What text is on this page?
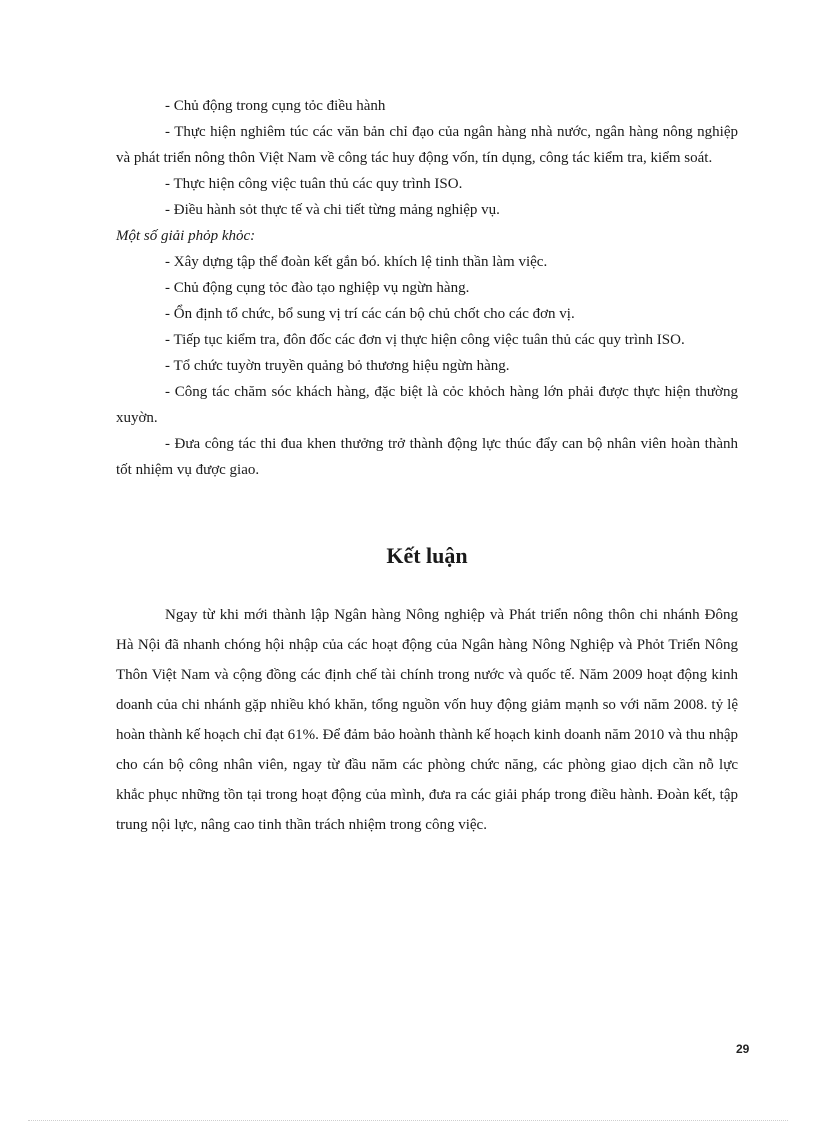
- Chủ động trong cụng tỏc điều hành

- Thực hiện nghiêm túc các văn bản chỉ đạo của ngân hàng nhà nước, ngân hàng nông nghiệp và phát triển nông thôn Việt Nam về công tác huy động vốn, tín dụng, công tác kiểm tra, kiểm soát.

- Thực hiện công việc tuân thủ các quy trình ISO.

- Điều hành sỏt thực tế và chi tiết từng mảng nghiệp vụ.

Một số giải phỏp khỏc:

- Xây dựng tập thể đoàn kết gắn bó. khích lệ tinh thần làm việc.

- Chủ động cụng tỏc đào tạo nghiệp vụ ngừn hàng.

- Ổn định tổ chức, bổ sung vị trí các cán bộ chủ chốt cho các đơn vị.

- Tiếp tục kiểm tra, đôn đốc các đơn vị thực hiện công việc tuân thủ các quy trình ISO.

- Tổ chức tuyờn truyền quảng bỏ thương hiệu ngừn hàng.

- Công tác chăm sóc khách hàng, đặc biệt là cỏc khỏch hàng lớn phải được thực hiện thường xuyờn.

- Đưa công tác thi đua khen thưởng trở thành động lực thúc đẩy can bộ nhân viên hoàn thành tốt nhiệm vụ được giao.

Kết luận

Ngay từ khi mới thành lập Ngân hàng Nông nghiệp và Phát triển nông thôn chi nhánh Đông Hà Nội đã nhanh chóng hội nhập của các hoạt động của Ngân hàng Nông Nghiệp và Phỏt Triển Nông Thôn Việt Nam và cộng đồng các định chế tài chính trong nước và quốc tế. Năm 2009 hoạt động kinh doanh của chi nhánh gặp nhiều khó khăn, tổng nguồn vốn huy động giảm mạnh so với năm 2008. tỷ lệ hoàn thành kế hoạch chỉ đạt 61%. Để đảm bảo hoành thành kế hoạch kinh doanh năm 2010 và thu nhập cho cán bộ công nhân viên, ngay từ đầu năm các phòng chức năng, các phòng giao dịch cần nỗ lực khắc phục những tồn tại trong hoạt động của mình, đưa ra các giải pháp trong điều hành. Đoàn kết, tập trung nội lực, nâng cao tinh thần trách nhiệm trong công việc.

29
